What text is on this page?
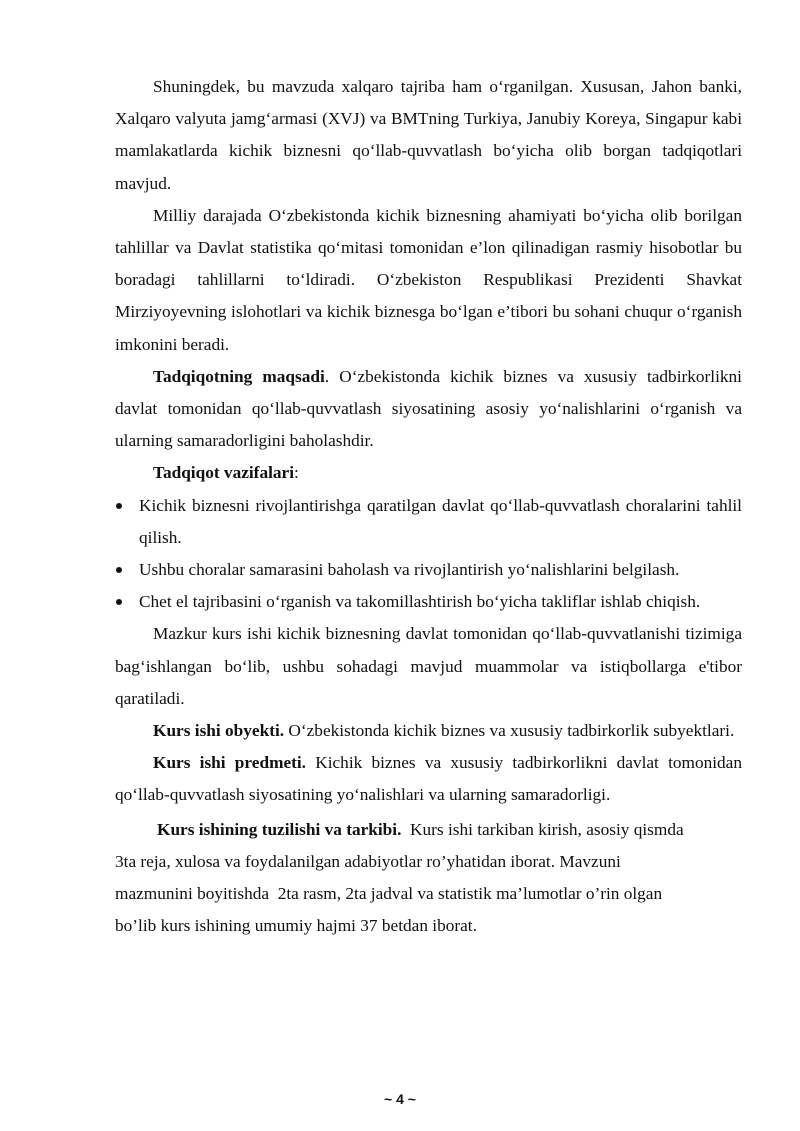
Shuningdek, bu mavzuda xalqaro tajriba ham o‘rganilgan. Xususan, Jahon banki, Xalqaro valyuta jamg‘armasi (XVJ) va BMTning Turkiya, Janubiy Koreya, Singapur kabi mamlakatlarda kichik biznesni qo‘llab-quvvatlash bo‘yicha olib borgan tadqiqotlari mavjud.

Milliy darajada O‘zbekistonda kichik biznesning ahamiyati bo‘yicha olib borilgan tahlillar va Davlat statistika qo‘mitasi tomonidan e’lon qilinadigan rasmiy hisobotlar bu boradagi tahlillarni to‘ldiradi. O‘zbekiston Respublikasi Prezidenti Shavkat Mirziyoyevning islohotlari va kichik biznesga bo‘lgan e’tibori bu sohani chuqur o‘rganish imkonini beradi.

Tadqiqotning maqsadi. O‘zbekistonda kichik biznes va xususiy tadbirkorlikni davlat tomonidan qo‘llab-quvvatlash siyosatining asosiy yo‘nalishlarini o‘rganish va ularning samaradorligini baholashdir.

Tadqiqot vazifalari:

Kichik biznesni rivojlantirishga qaratilgan davlat qo‘llab-quvvatlash choralarini tahlil qilish.
Ushbu choralar samarasini baholash va rivojlantirish yo‘nalishlarini belgilash.
Chet el tajribasini o‘rganish va takomillashtirish bo‘yicha takliflar ishlab chiqish.

Mazkur kurs ishi kichik biznesning davlat tomonidan qo‘llab-quvvatlanishi tizimiga bag‘ishlangan bo‘lib, ushbu sohadagi mavjud muammolar va istiqbollarga e'tibor qaratiladi.

Kurs ishi obyekti. O‘zbekistonda kichik biznes va xususiy tadbirkorlik subyektlari.

Kurs ishi predmeti. Kichik biznes va xususiy tadbirkorlikni davlat tomonidan qo‘llab-quvvatlash siyosatining yo‘nalishlari va ularning samaradorligi.

Kurs ishining tuzilishi va tarkibi.  Kurs ishi tarkiban kirish, asosiy qismda
3ta reja, xulosa va foydalanilgan adabiyotlar ro’yhatidan iborat. Mavzuni
mazmunini boyitishda  2ta rasm, 2ta jadval va statistik ma’lumotlar o’rin olgan
bo’lib kurs ishining umumiy hajmi 37 betdan iborat.
~ 4 ~
